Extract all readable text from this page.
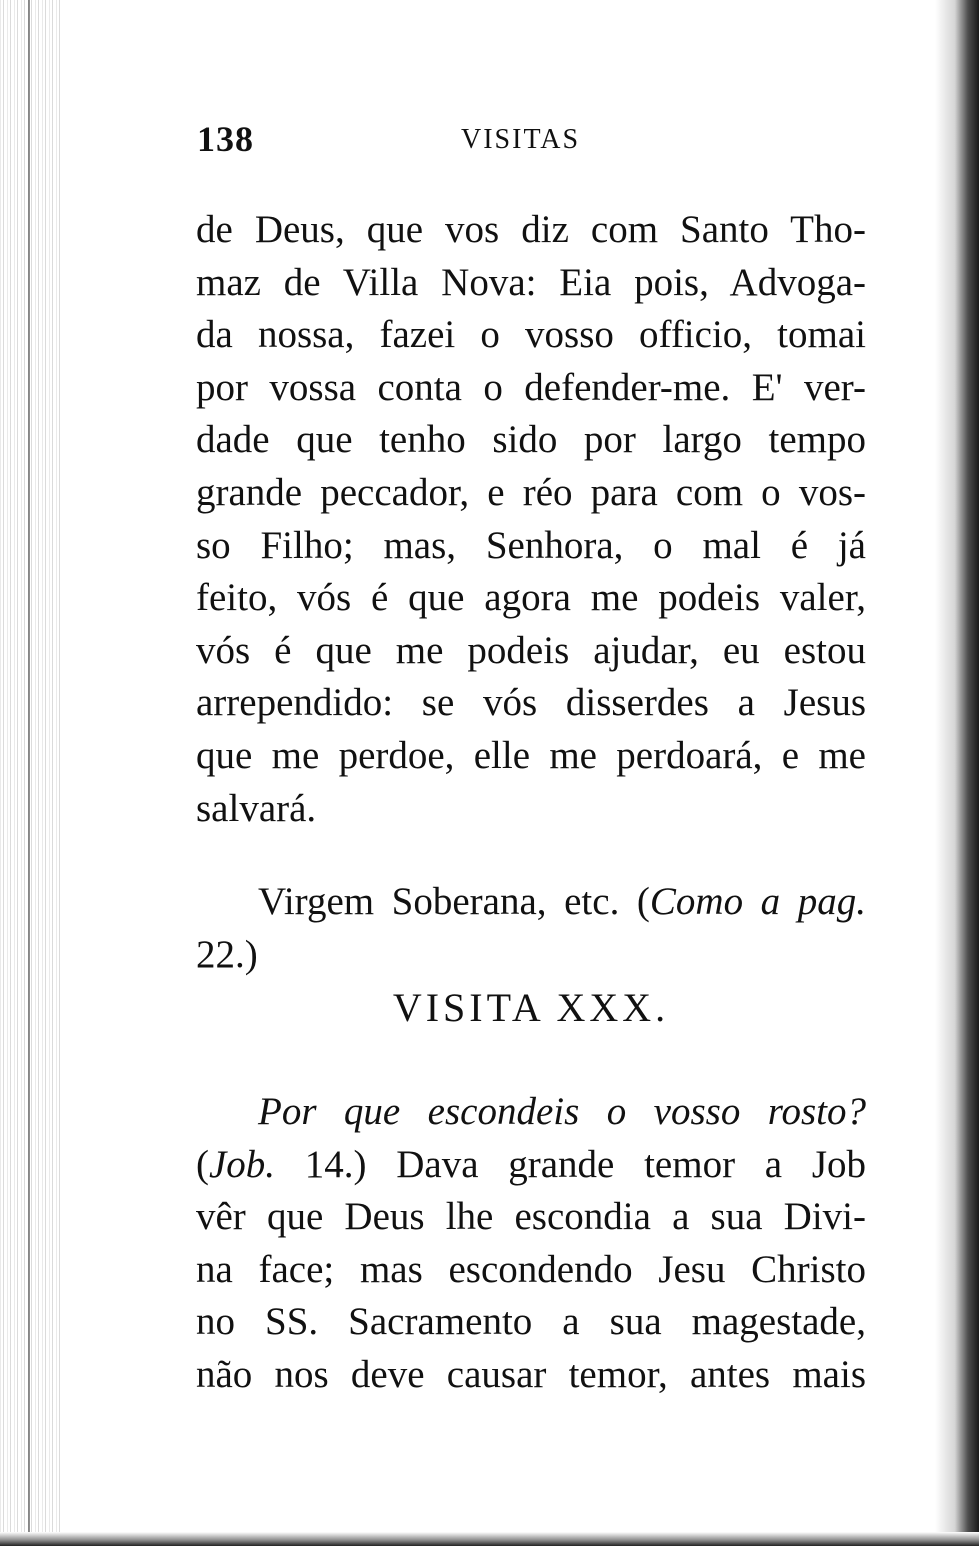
138	VISITAS
de Deus, que vos diz com Santo Tho-
maz de Villa Nova: Eia pois, Advoga-
da nossa, fazei o vosso officio, tomai
por vossa conta o defender-me. E' ver-
dade que tenho sido por largo tempo
grande peccador, e réo para com o vos-
so Filho; mas, Senhora, o mal é já
feito, vós é que agora me podeis valer,
vós é que me podeis ajudar, eu estou
arrependido: se vós disserdes a Jesus
que me perdoe, elle me perdoará, e me
salvará.
Virgem Soberana, etc. (Como a pag.
22.)
VISITA XXX.
Por que escondeis o vosso rosto?
(Job. 14.) Dava grande temor a Job
vêr que Deus lhe escondia a sua Divi-
na face; mas escondendo Jesu Christo
no SS. Sacramento a sua magestade,
não nos deve causar temor, antes mais
